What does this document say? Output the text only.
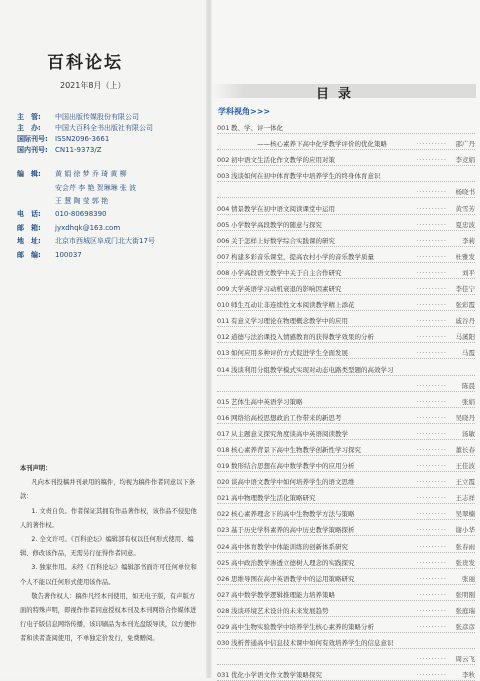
百科论坛
2021年8月（上）
主　管:	中国出版传媒股份有限公司
主　办:	中国大百科全书出版社有限公司
国际刊号:	ISSN2096-3661
国内刊号:	CN11-9373/Z
编　辑: 黄 娟 徐 梦 乔 琦 黄 柳
安会芹 李 艳 贺琳琳 张 波
王 慧 陶 莹 郭 艳
电　话: 010-80698390
邮　箱: jyxdhqk@163.com
地　址: 北京市西城区阜成门北大街17号
邮　编: 100037
本刊声明：

凡向本刊投稿并刊录用的稿件，均视为稿件作者同意以下条款：

1. 文责自负。作者保证其拥有作品著作权，该作品不侵犯他人的著作权。

2. 全文许可。《百科论坛》编辑部有权以任何形式使用、编辑、修改该作品，无需另行征得作者同意。

3. 独家作用。未经《百科论坛》编辑部书面许可任何单位和个人不能以任何形式使用该作品。

敬告著作权人：稿件凡经本刊使用，如无电子版，有声版方面的特殊声明，即视作作者同意授权本刊及本刊网络合作媒体进行电子版信息网络传播，该印刷品为本刊光盘版导读，以方便作者和读者查阅使用，不单独定价发行，免费赠阅。

目录
学科视角>>>
001 教、学、评一体化
——核心素养下高中化学教学评价的优化策略	··········	邵广丹
002 初中语文生活化作文教学的应用对策	··········	李竞娟
003 浅谈如何在初中体育教学中培养学生的终身体育意识
··········	杨晓书
004 情景教学在初中语文阅读课堂中运用	··········	黄雪芳
005 小学数学高段教学的随意与探究	··········	夏忠波
006 关于怎样上好数学综合实践课的研究	··········	李莉
007 构建多彩音乐课堂，提高农村小学的音乐教学质量	··········	杜雅发
008 小学高段语文教学中关于自主合作研究	··········	刘平
009 大学英语学习动机衰退的影响因素研究	··········	李佳宁
010 师生互动让非连续性文本阅读教学精上添花	··········	张彩霞
011 有意义学习理论在物理概念教学中的应用	··········	戚谷丹
012 道德与法治课投入情感教育的获得教学效果的分析	··········	马溪阳
013 如何应用多种评价方式促进学生全面发展	··········	马霞
014 浅谈利用分组教学模式实现对动态电路类型题的高效学习
··········	陈晨
015 艺体生高中英语学习策略	··········	张娟
016 网络给高校思想政治工作带来的新思考	··········	吴晓丹
017 从主题意义探究角度谈高中英语阅读教学	··········	汤敏
018 核心素养背景下高中生物教学创新性学习探究	··········	董长春
019 数形结合思想在高中数学教学中的应用分析	··········	王佳波
020 谈高中语文教学中如何培养学生的语文思维	··········	王立霞
021 高中物理教学生活化策略研究	··········	王志祥
022 核心素养理念下的高中生物教学方法与策略	··········	吴翠楠
023 基于历史学科素养的高中历史教学策略探析	··········	谢小华
024 高中体育教学中体能训练的创新体系研究	··········	张春雨
025 高中政治教学渗透立德树人理念的实践探究	··········	张贵发
026 思维导图在高中英语教学中的运用策略研究	··········	张丽
027 高中数学教学逻辑推理能力培养策略	··········	张明刚
028 浅谈环境艺术设计的未来发展趋势	··········	张庭瑞
029 高中生物实验教学中培养学生核心素养的策略分析	··········	张彦彦
030 浅析普通高中信息技术课中如何有效培养学生的信息意识
··········	周云飞
031 优化小学语文作文教学策略探究	··········	李秋
